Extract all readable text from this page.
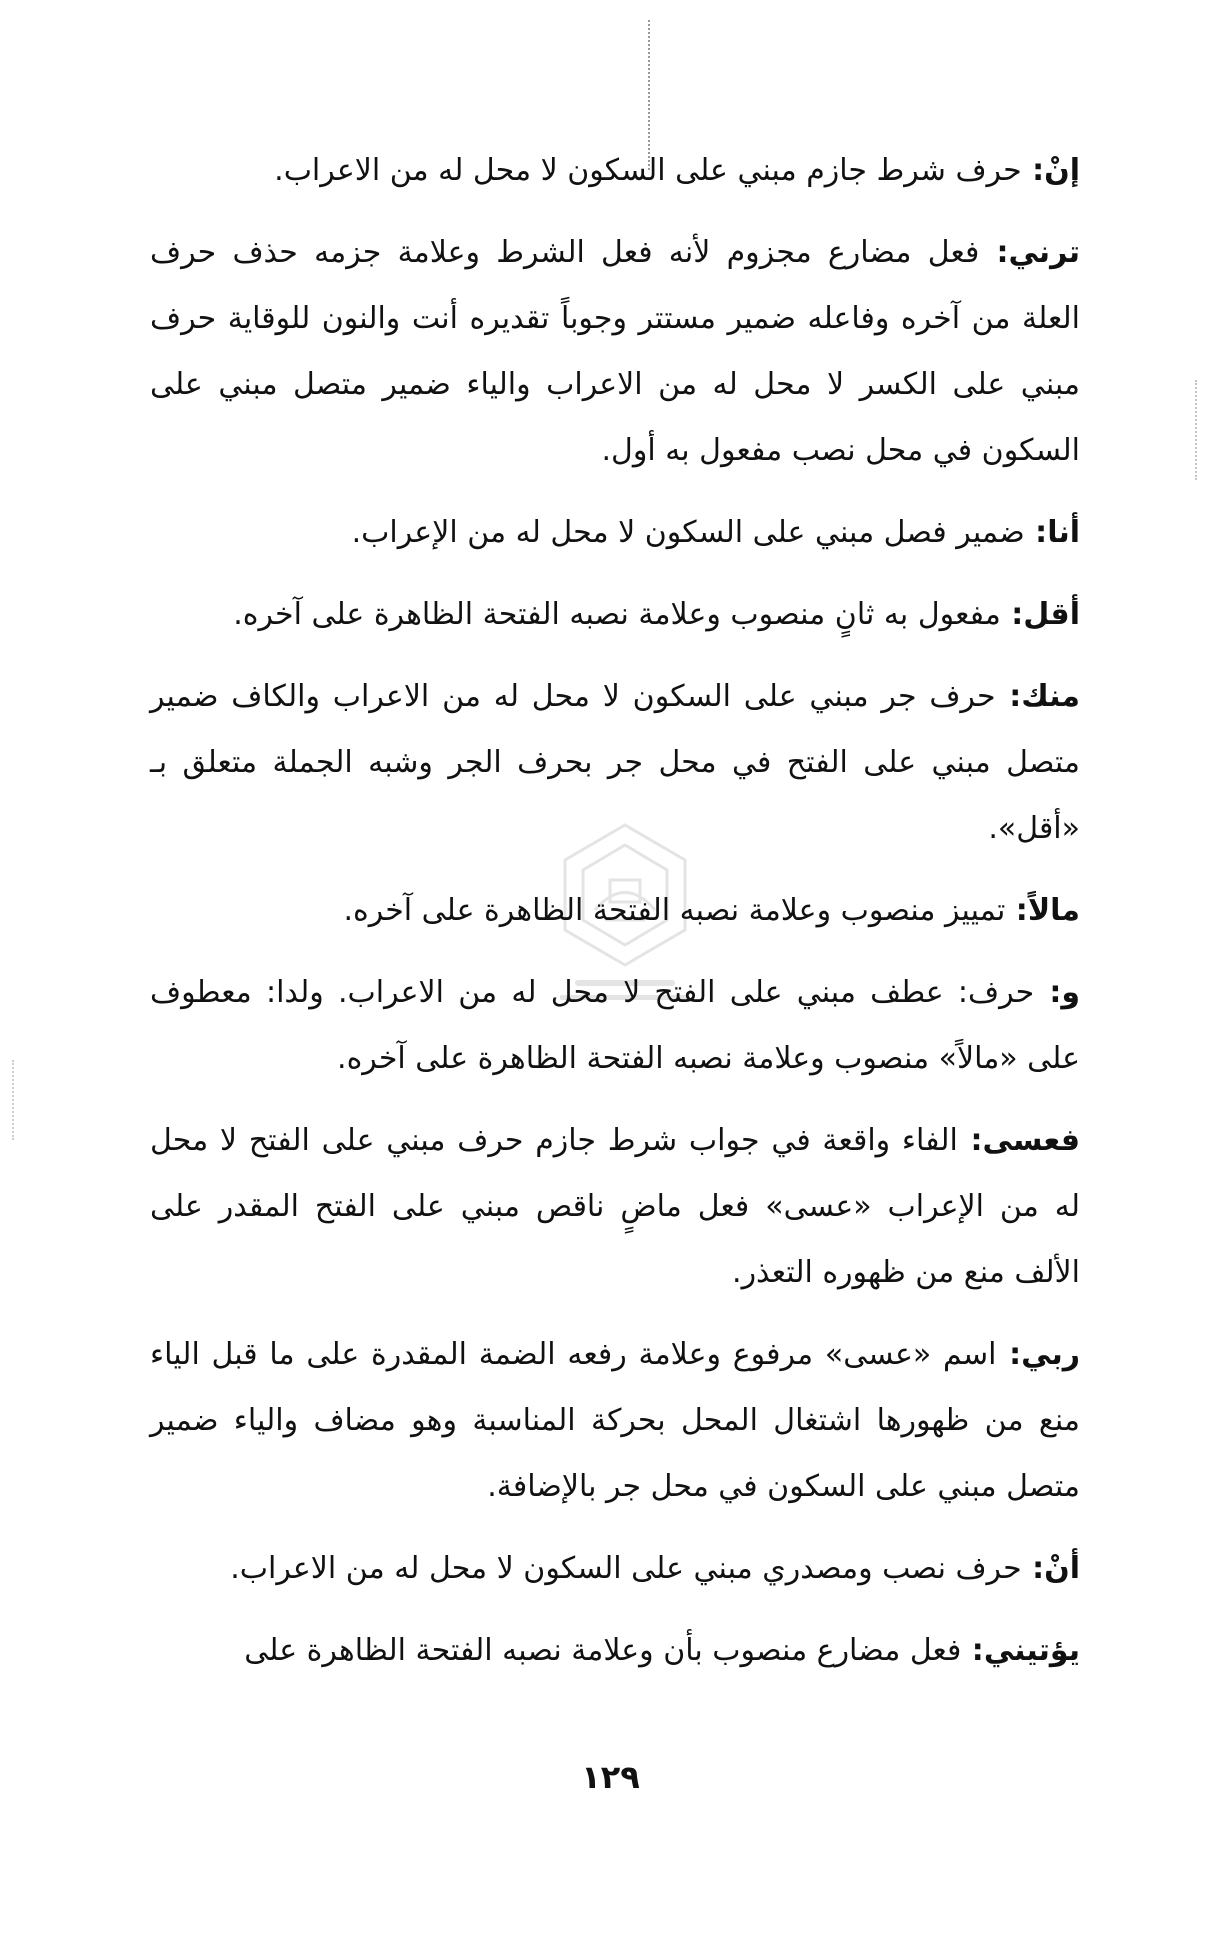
إنْ: حرف شرط جازم مبني على السكون لا محل له من الاعراب.

ترني: فعل مضارع مجزوم لأنه فعل الشرط وعلامة جزمه حذف حرف العلة من آخره وفاعله ضمير مستتر وجوباً تقديره أنت والنون للوقاية حرف مبني على الكسر لا محل له من الاعراب والياء ضمير متصل مبني على السكون في محل نصب مفعول به أول.

أنا: ضمير فصل مبني على السكون لا محل له من الإعراب.

أقل: مفعول به ثانٍ منصوب وعلامة نصبه الفتحة الظاهرة على آخره.

منك: حرف جر مبني على السكون لا محل له من الاعراب والكاف ضمير متصل مبني على الفتح في محل جر بحرف الجر وشبه الجملة متعلق بـ «أقل».

مالاً: تمييز منصوب وعلامة نصبه الفتحة الظاهرة على آخره.

و: حرف: عطف مبني على الفتح لا محل له من الاعراب. ولدا: معطوف على «مالاً» منصوب وعلامة نصبه الفتحة الظاهرة على آخره.

فعسى: الفاء واقعة في جواب شرط جازم حرف مبني على الفتح لا محل له من الإعراب «عسى» فعل ماضٍ ناقص مبني على الفتح المقدر على الألف منع من ظهوره التعذر.

ربي: اسم «عسى» مرفوع وعلامة رفعه الضمة المقدرة على ما قبل الياء منع من ظهورها اشتغال المحل بحركة المناسبة وهو مضاف والياء ضمير متصل مبني على السكون في محل جر بالإضافة.

أنْ: حرف نصب ومصدري مبني على السكون لا محل له من الاعراب.

يؤتيني: فعل مضارع منصوب بأن وعلامة نصبه الفتحة الظاهرة على

١٢٩
